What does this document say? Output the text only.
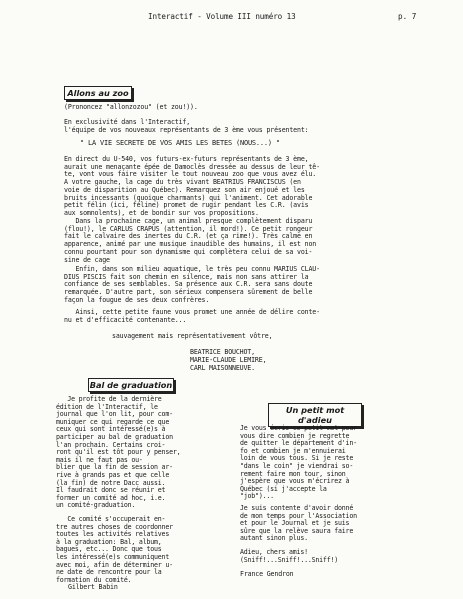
Interactif - Volume III numéro 13	p. 7
Allons au zoo
(Prononcez "allonzozou" (et zou!)).
En exclusivité dans l'Interactif,
l'équipe de vos nouveaux représentants de 3 ème vous présentent:
" LA VIE SECRETE DE VOS AMIS LES BETES (NOUS...) "
En direct du U-540, vos futurs-ex-futurs représentants de 3 ème,
aurait une menaçante épée de Damoclès dressée au dessus de leur tê-
te, vont vous faire visiter le tout nouveau zoo que vous avez élu.
A votre gauche, la cage du très vivant BEATRIUS FRANCISCUS (en
voie de disparition au Québec). Remarquez son air enjoué et les
bruits incessants (quoique charmants) qui l'animent. Cet adorable
petit félin (ici, féline) promet de rugir pendant les C.R. (avis
aux somnolents), et de bondir sur vos propositions.
Dans la prochaine cage, un animal presque complètement disparu
(flou!), le CARLUS CRAPUS (attention, il mord!). Ce petit rongeur
fait le calvaire des inertes du C.R. (et ça rime!). Très calme en
apparence, animé par une musique inaudible des humains, il est non
connu pourtant pour son dynamisme qui complètera celui de sa voi-
sine de cage
Enfin, dans son milieu aquatique, le très peu connu MARIUS CLAU-
DIUS PISCIS fait son chemin en silence, mais non sans attirer la
confiance de ses semblables. Sa présence aux C.R. sera sans doute
remarquée. D'autre part, son sérieux compensera sûrement de belle
façon la fougue de ses deux confrères.
Ainsi, cette petite faune vous promet une année de délire conte-
nu et d'efficacité contenante...
sauvagement mais représentativement vôtre,
BEATRICE BOUCHOT,
MARIE-CLAUDE LEMIRE,
CARL MAISONNEUVE.
Bal de graduation
Je profite de la dernière
édition de l'Interactif, le
journal que l'on lit, pour com-
muniquer ce qui regarde ce que
ceux qui sont intéressé(e)s à
participer au bal de graduation
l'an prochain. Certains croi-
ront qu'il est tôt pour y penser,
mais il ne faut pas ou-
blier que la fin de session ar-
rive à grands pas et que celle
(la fin) de notre Dacc aussi.
Il faudrait donc se réunir et
former un comité ad hoc, i.e.
un comité-graduation.
Ce comité s'occuperait en-
tre autres choses de coordonner
toutes les activités relatives
à la graduation: Bal, album,
bagues, etc... Donc que tous
les intéressé(e)s communiquent
avec moi, afin de déterminer u-
ne date de rencontre pour la
formation du comité.
Gilbert Babin
Un petit mot d'adieu
Je vous écris ce petit mot pour
vous dire combien je regrette
de quitter le département d'in-
fo et combien je m'ennuierai
loin de vous tous. Si je reste
"dans le coin" je viendrai so-
rement faire mon tour, sinon
j'espère que vous m'écrirez à
Québec (si j'accepte la
"job")...
Je suis contente d'avoir donné
de mon temps pour l'Association
et pour le Journal et je suis
sûre que la relève saura faire
autant sinon plus.
Adieu, chers amis!
(Sniff!...Sniff!...Sniff!)
France Gendron
